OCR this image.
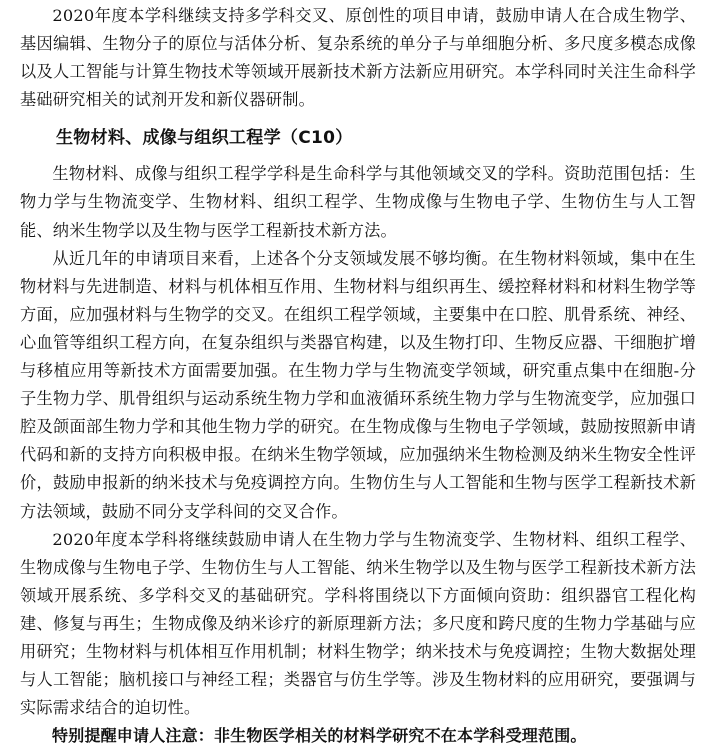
2020年度本学科继续支持多学科交叉、原创性的项目申请，鼓励申请人在合成生物学、基因编辑、生物分子的原位与活体分析、复杂系统的单分子与单细胞分析、多尺度多模态成像以及人工智能与计算生物技术等领域开展新技术新方法新应用研究。本学科同时关注生命科学基础研究相关的试剂开发和新仪器研制。

生物材料、成像与组织工程学（C10）

生物材料、成像与组织工程学学科是生命科学与其他领域交叉的学科。资助范围包括：生物力学与生物流变学、生物材料、组织工程学、生物成像与生物电子学、生物仿生与人工智能、纳米生物学以及生物与医学工程新技术新方法。

从近几年的申请项目来看，上述各个分支领域发展不够均衡。在生物材料领域，集中在生物材料与先进制造、材料与机体相互作用、生物材料与组织再生、缓控释材料和材料生物学等方面，应加强材料与生物学的交叉。在组织工程学领域，主要集中在口腔、肌骨系统、神经、心血管等组织工程方向，在复杂组织与类器官构建，以及生物打印、生物反应器、干细胞扩增与移植应用等新技术方面需要加强。在生物力学与生物流变学领域，研究重点集中在细胞-分子生物力学、肌骨组织与运动系统生物力学和血液循环系统生物力学与生物流变学，应加强口腔及颌面部生物力学和其他生物力学的研究。在生物成像与生物电子学领域，鼓励按照新申请代码和新的支持方向积极申报。在纳米生物学领域，应加强纳米生物检测及纳米生物安全性评价，鼓励申报新的纳米技术与免疫调控方向。生物仿生与人工智能和生物与医学工程新技术新方法领域，鼓励不同分支学科间的交叉合作。

2020年度本学科将继续鼓励申请人在生物力学与生物流变学、生物材料、组织工程学、生物成像与生物电子学、生物仿生与人工智能、纳米生物学以及生物与医学工程新技术新方法领域开展系统、多学科交叉的基础研究。学科将围绕以下方面倾向资助：组织器官工程化构建、修复与再生；生物成像及纳米诊疗的新原理新方法；多尺度和跨尺度的生物力学基础与应用研究；生物材料与机体相互作用机制；材料生物学；纳米技术与免疫调控；生物大数据处理与人工智能；脑机接口与神经工程；类器官与仿生学等。涉及生物材料的应用研究，要强调与实际需求结合的迫切性。

特别提醒申请人注意：非生物医学相关的材料学研究不在本学科受理范围。
